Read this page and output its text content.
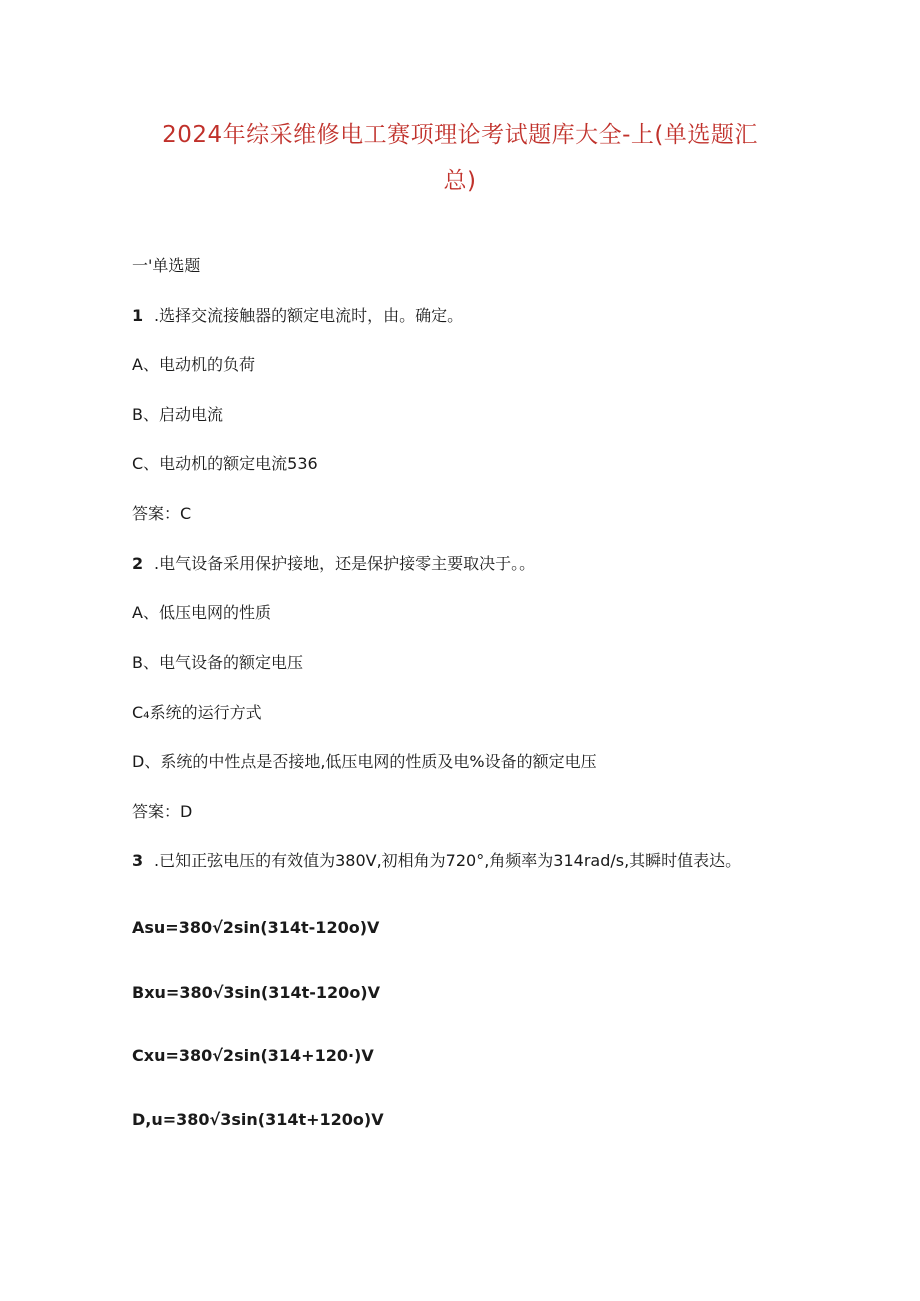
2024年综采维修电工赛项理论考试题库大全-上(单选题汇总)
一'单选题
1 .选择交流接触器的额定电流时，由。确定。
A、电动机的负荷
B、启动电流
C、电动机的额定电流536
答案：C
2 .电气设备采用保护接地，还是保护接零主要取决于。。
A、低压电网的性质
B、电气设备的额定电压
C₄系统的运行方式
D、系统的中性点是否接地,低压电网的性质及电%设备的额定电压
答案：D
3 .已知正弦电压的有效值为380V,初相角为720°,角频率为314rad/s,其瞬时值表达。
Asu=380√2sin(314t-120o)V
Bxu=380√3sin(314t-120o)V
Cxu=380√2sin(314+120·)V
D,u=380√3sin(314t+120o)V
